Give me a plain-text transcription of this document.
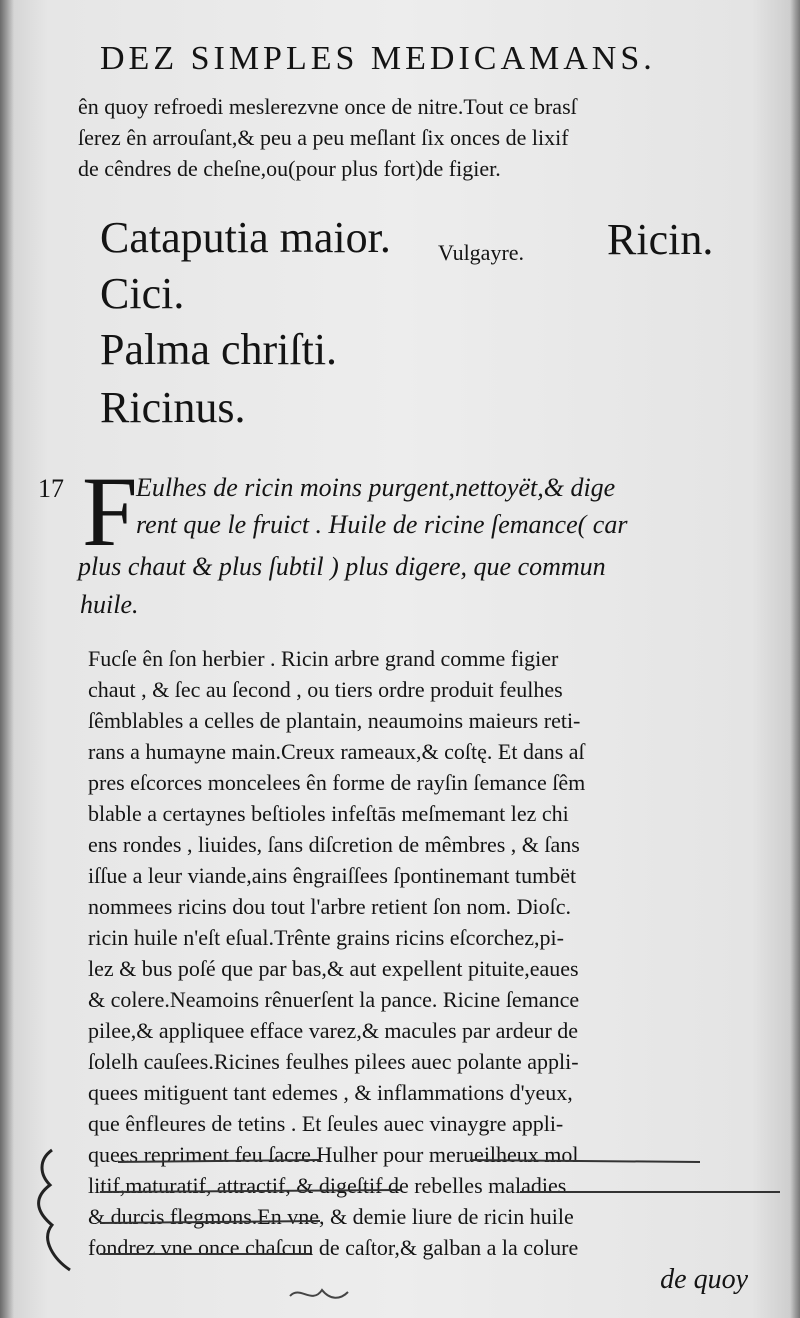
DEZ SIMPLES MEDICAMANS.
ên quoy refroedi meslerezvne once de nitre.Tout ce brasſ
ſerez ên arrouſant,& peu a peu meſlant ſix onces de lixif
de cêndres de cheſne,ou(pour plus fort)de figier.
Cataputia maior. Vulgayre. Ricin.
Cici.
Palma chriſti.
Ricinus.
17 F
Eulhes de ricin moins purgent,nettoyët,& dige
rent que le fruict . Huile de ricine ſemance( car
plus chaut & plus ſubtil ) plus digere, que commun
huile.
Fucſe ên ſon herbier . Ricin arbre grand comme figier
chaut , & ſec au ſecond , ou tiers ordre produit feulhes
ſêmblables a celles de plantain, neaumoins maieurs reti-
rans a humayne main.Creux rameaux,& coſtę. Et dans aſ
pres eſcorces moncelees ên forme de rayſin ſemance ſêm
blable a certaynes beſtioles infeſtās meſmemant lez chi
ens rondes , liuides, ſans diſcretion de mêmbres , & ſans
iſſue a leur viande,ains êngraiſſees ſpontinemant tumbët
nommees ricins dou tout l'arbre retient ſon nom. Dioſc.
ricin huile n'eſt eſual.Trênte grains ricins eſcorchez,pi-
lez & bus poſé que par bas,& aut expellent pituite,eaues
& colere.Neamoins rênuerſent la pance. Ricine ſemance
pilee,& appliquee efface varez,& macules par ardeur de
ſolelh cauſees.Ricines feulhes pilees auec polante appli-
quees mitiguent tant edemes , & inflammations d'yeux,
que ênfleures de tetins . Et ſeules auec vinaygre appli-
quees repriment feu ſacre.Hulher pour merueilheux mol
litif,maturatif, attractif, & digeſtif de rebelles maladies
& durcis flegmons.En vne, & demie liure de ricin huile
fondrez vne once chaſcun de caſtor,& galban a la colure
de quoy
